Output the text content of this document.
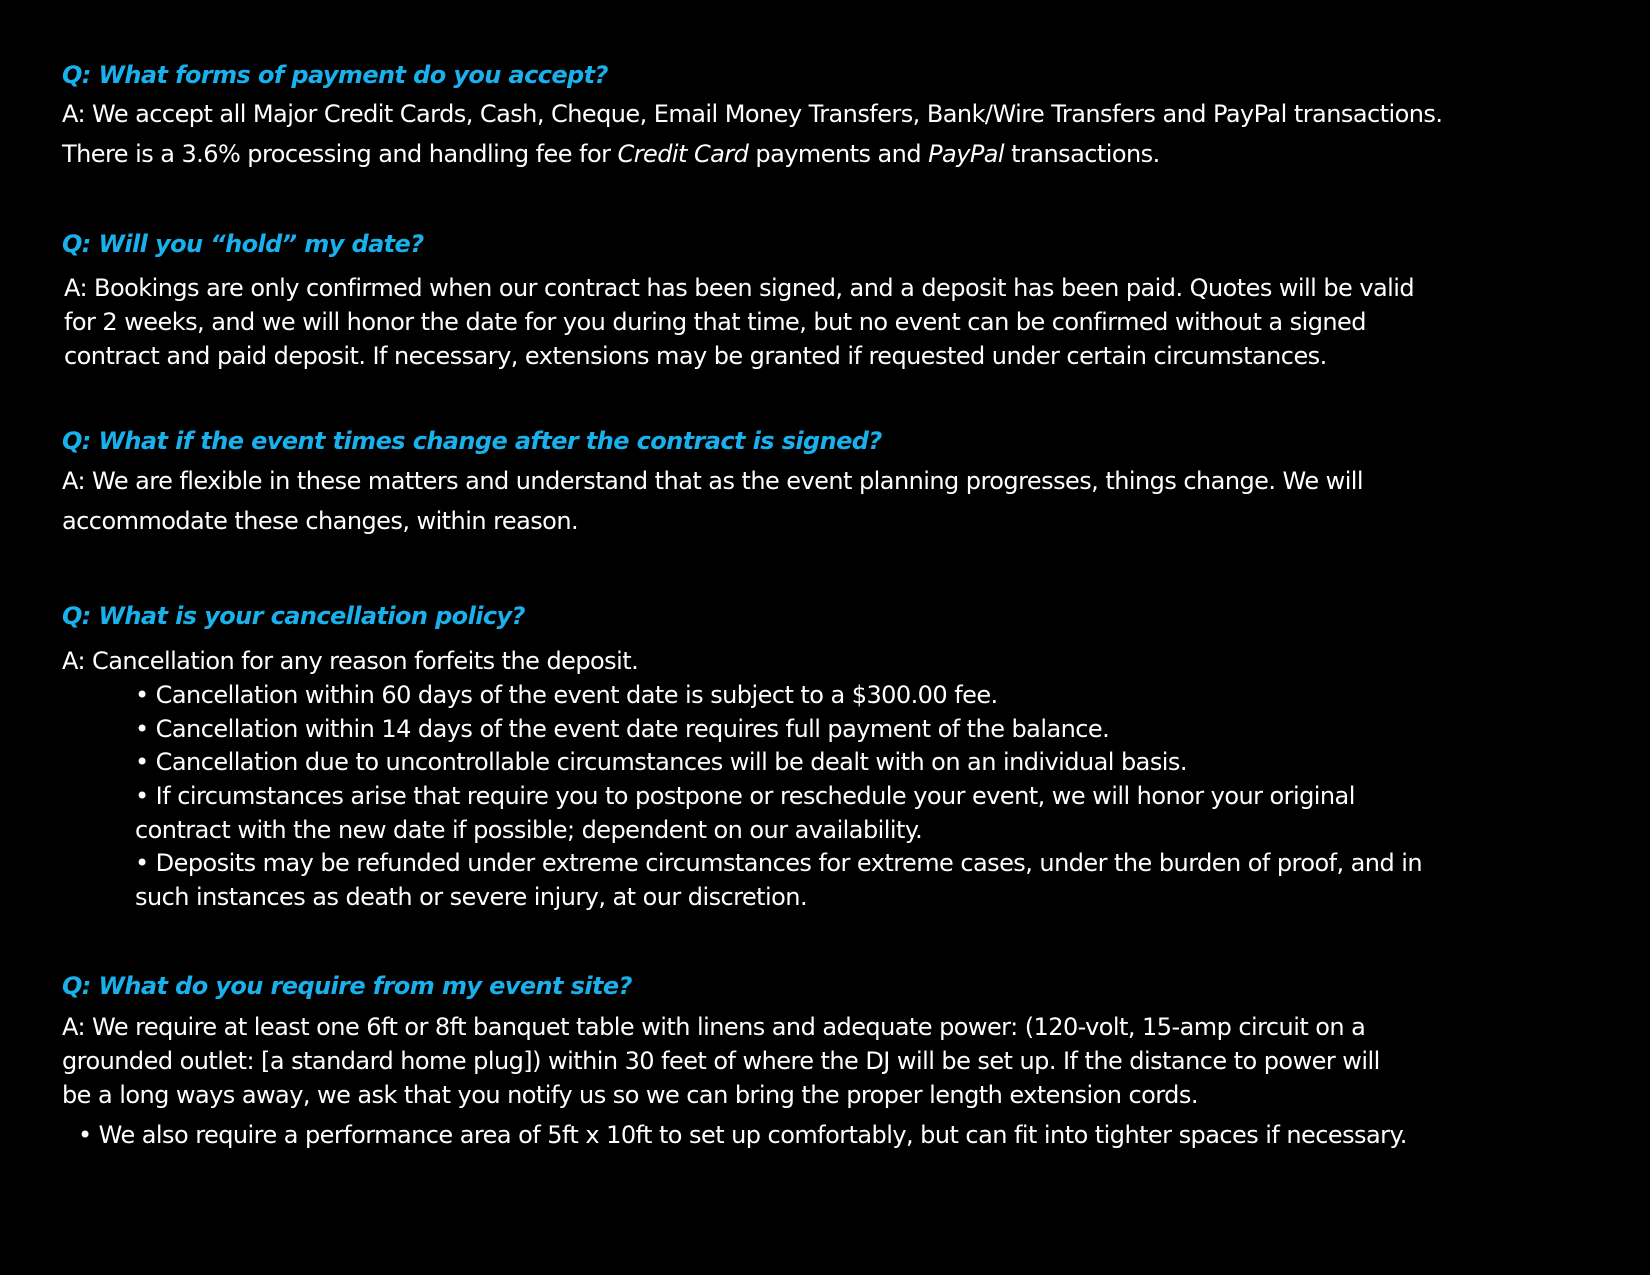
Q: What forms of payment do you accept?
A: We accept all Major Credit Cards, Cash, Cheque, Email Money Transfers, Bank/Wire Transfers and PayPal transactions.
There is a 3.6% processing and handling fee for Credit Card payments and PayPal transactions.
Q: Will you “hold” my date?
A: Bookings are only confirmed when our contract has been signed, and a deposit has been paid. Quotes will be valid
for 2 weeks, and we will honor the date for you during that time, but no event can be confirmed without a signed
contract and paid deposit. If necessary, extensions may be granted if requested under certain circumstances.
Q: What if the event times change after the contract is signed?
A: We are flexible in these matters and understand that as the event planning progresses, things change. We will
accommodate these changes, within reason.
Q: What is your cancellation policy?
A: Cancellation for any reason forfeits the deposit.
• Cancellation within 60 days of the event date is subject to a $300.00 fee.
• Cancellation within 14 days of the event date requires full payment of the balance.
• Cancellation due to uncontrollable circumstances will be dealt with on an individual basis.
• If circumstances arise that require you to postpone or reschedule your event, we will honor your original
contract with the new date if possible; dependent on our availability.
• Deposits may be refunded under extreme circumstances for extreme cases, under the burden of proof, and in
such instances as death or severe injury, at our discretion.
Q: What do you require from my event site?
A: We require at least one 6ft or 8ft banquet table with linens and adequate power: (120-volt, 15-amp circuit on a
grounded outlet: [a standard home plug]) within 30 feet of where the DJ will be set up. If the distance to power will
be a long ways away, we ask that you notify us so we can bring the proper length extension cords.
• We also require a performance area of 5ft x 10ft to set up comfortably, but can fit into tighter spaces if necessary.
